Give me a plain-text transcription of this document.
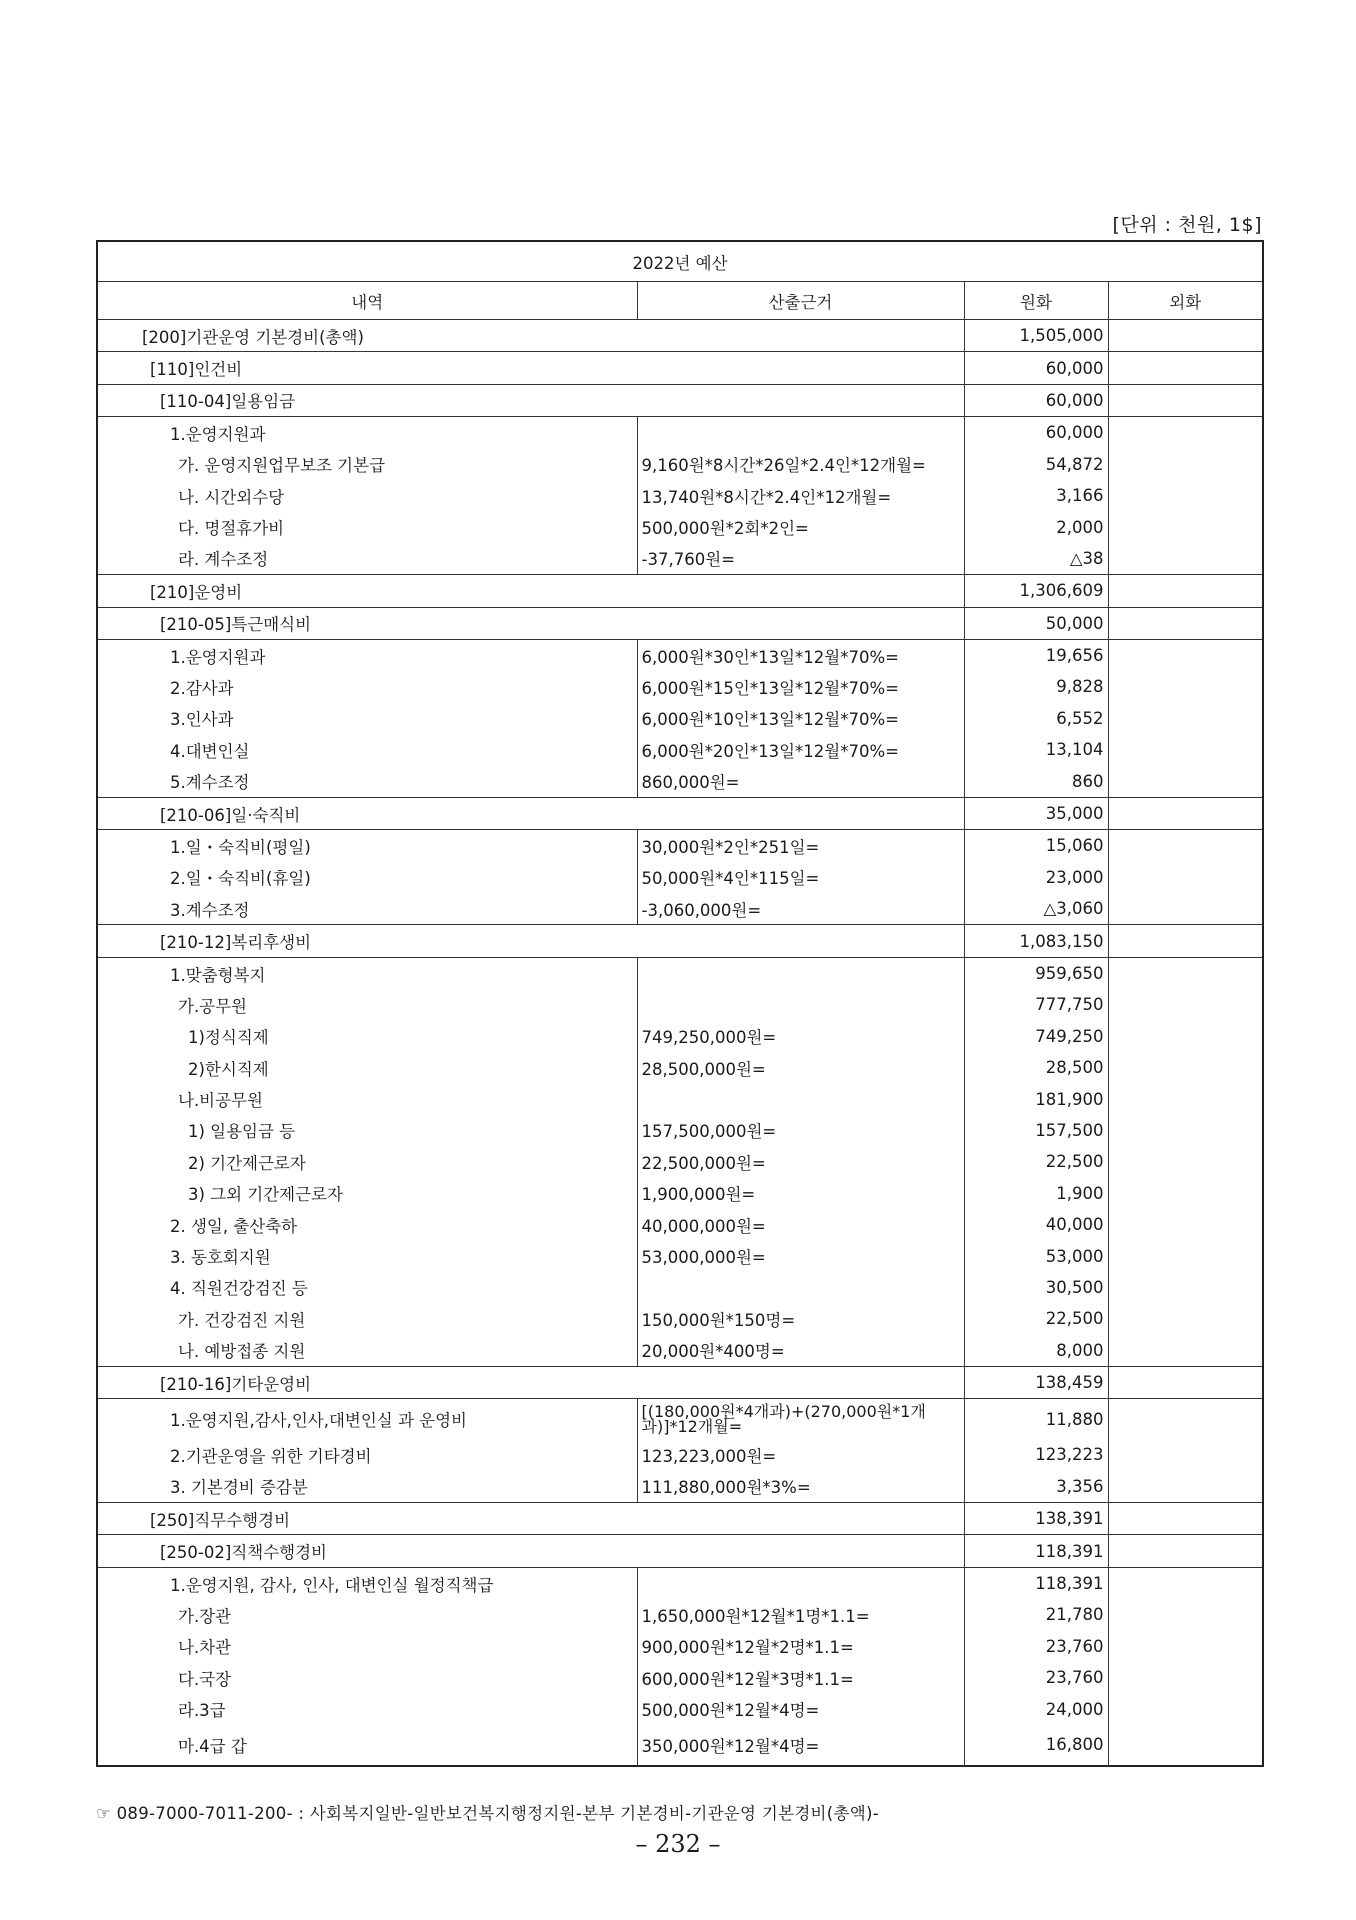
[단위 : 천원, 1$]
2022년 예산			
내역	산출근거	원화	외화
[200]기관운영 기본경비(총액)		1,505,000	
[110]인건비		60,000	
[110-04]일용임금		60,000	
1.운영지원과		60,000	
가. 운영지원업무보조 기본급	9,160원*8시간*26일*2.4인*12개월=	54,872	
나. 시간외수당	13,740원*8시간*2.4인*12개월=	3,166	
다. 명절휴가비	500,000원*2회*2인=	2,000	
라. 계수조정	-37,760원=	△38	
[210]운영비		1,306,609	
[210-05]특근매식비		50,000	
1.운영지원과	6,000원*30인*13일*12월*70%=	19,656	
2.감사과	6,000원*15인*13일*12월*70%=	9,828	
3.인사과	6,000원*10인*13일*12월*70%=	6,552	
4.대변인실	6,000원*20인*13일*12월*70%=	13,104	
5.계수조정	860,000원=	860	
[210-06]일·숙직비		35,000	
1.일・숙직비(평일)	30,000원*2인*251일=	15,060	
2.일・숙직비(휴일)	50,000원*4인*115일=	23,000	
3.계수조정	-3,060,000원=	△3,060	
[210-12]복리후생비		1,083,150	
1.맞춤형복지		959,650	
가.공무원		777,750	
1)정식직제	749,250,000원=	749,250	
2)한시직제	28,500,000원=	28,500	
나.비공무원		181,900	
1) 일용임금 등	157,500,000원=	157,500	
2) 기간제근로자	22,500,000원=	22,500	
3) 그외 기간제근로자	1,900,000원=	1,900	
2. 생일, 출산축하	40,000,000원=	40,000	
3. 동호회지원	53,000,000원=	53,000	
4. 직원건강검진 등		30,500	
가. 건강검진 지원	150,000원*150명=	22,500	
나. 예방접종 지원	20,000원*400명=	8,000	
[210-16]기타운영비		138,459	
1.운영지원,감사,인사,대변인실 과 운영비	[(180,000원*4개과)+(270,000원*1개과)]*12개월=	11,880	
2.기관운영을 위한 기타경비	123,223,000원=	123,223	
3. 기본경비 증감분	111,880,000원*3%=	3,356	
[250]직무수행경비		138,391	
[250-02]직책수행경비		118,391	
1.운영지원, 감사, 인사, 대변인실 월정직책급		118,391	
가.장관	1,650,000원*12월*1명*1.1=	21,780	
나.차관	900,000원*12월*2명*1.1=	23,760	
다.국장	600,000원*12월*3명*1.1=	23,760	
라.3급	500,000원*12월*4명=	24,000	
마.4급 갑	350,000원*12월*4명=	16,800	
☞ 089-7000-7011-200- : 사회복지일반-일반보건복지행정지원-본부 기본경비-기관운영 기본경비(총액)-
– 232 –
